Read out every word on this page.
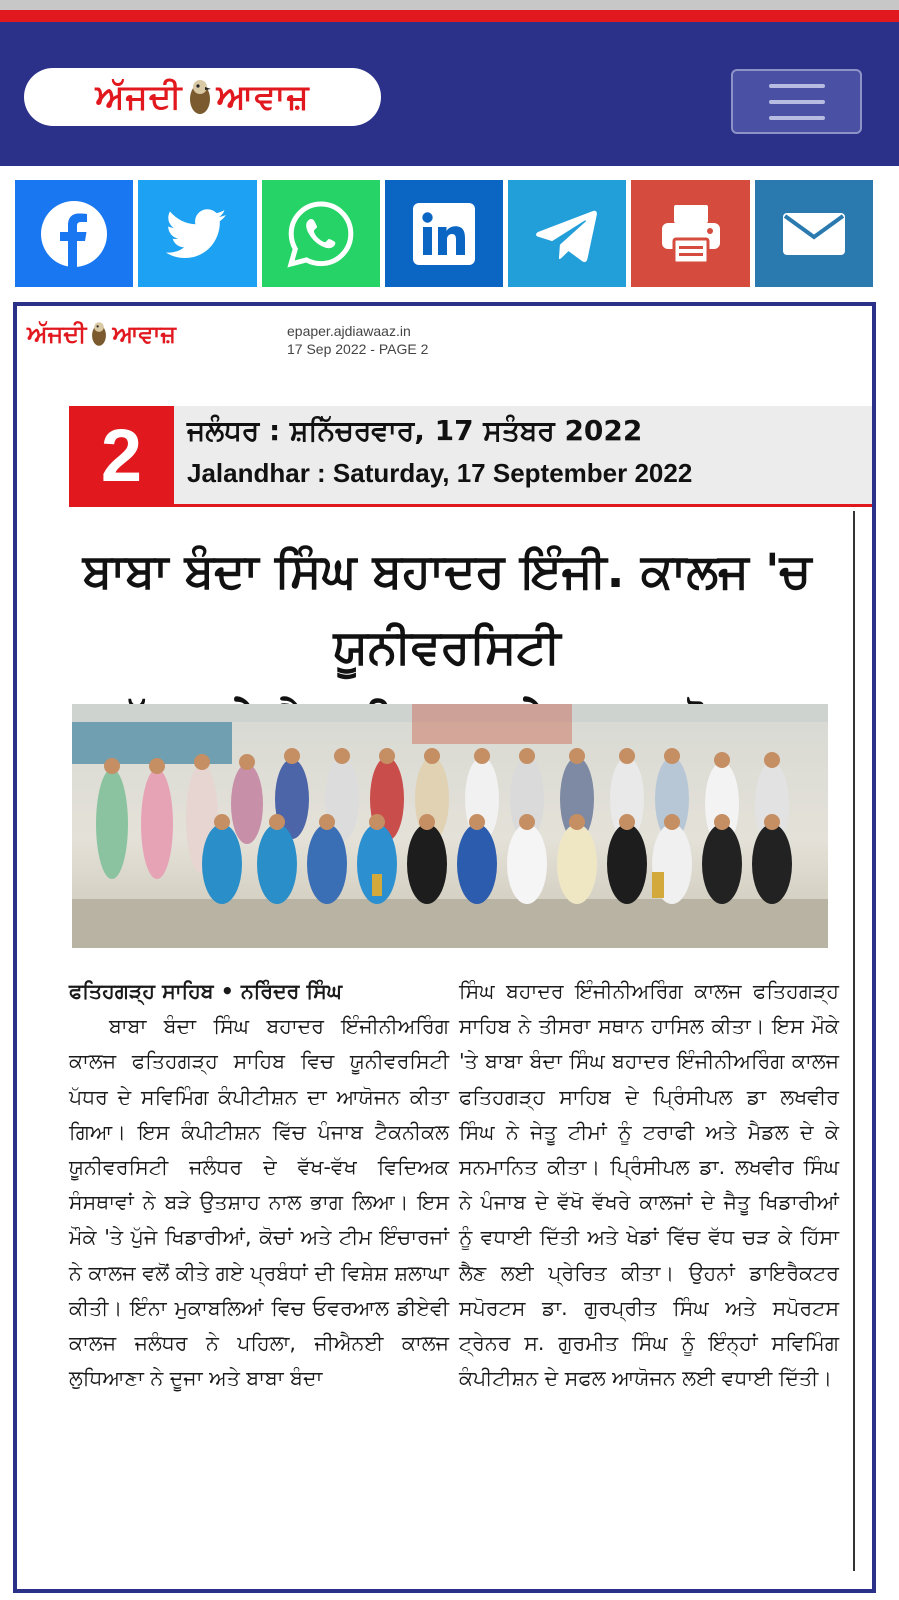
ਅੱਜਦੀ ਆਵਾਜ਼
ਅੱਜਦੀ ਆਵਾਜ਼	epaper.ajdiawaaz.in
17 Sep 2022 - PAGE 2
2	ਜਲੰਧਰ : ਸ਼ਨਿੱਚਰਵਾਰ, 17 ਸਤੰਬਰ 2022
Jalandhar : Saturday, 17 September 2022
ਬਾਬਾ ਬੰਦਾ ਸਿੰਘ ਬਹਾਦਰ ਇੰਜੀ. ਕਾਲਜ 'ਚ ਯੂਨੀਵਰਸਿਟੀ
ਫਤਿਹਗੜ੍ਹ ਸਾਹਿਬ • ਨਰਿੰਦਰ ਸਿੰਘ
ਬਾਬਾ ਬੰਦਾ ਸਿੰਘ ਬਹਾਦਰ ਇੰਜੀਨੀਅਰਿੰਗ ਕਾਲਜ ਫਤਿਹਗੜ੍ਹ ਸਾਹਿਬ ਵਿਚ ਯੂਨੀਵਰਸਿਟੀ ਪੱਧਰ ਦੇ ਸਵਿਮਿੰਗ ਕੰਪੀਟੀਸ਼ਨ ਦਾ ਆਯੋਜਨ ਕੀਤਾ ਗਿਆ। ਇਸ ਕੰਪੀਟੀਸ਼ਨ ਵਿੱਚ ਪੰਜਾਬ ਟੈਕਨੀਕਲ ਯੂਨੀਵਰਸਿਟੀ ਜਲੰਧਰ ਦੇ ਵੱਖ-ਵੱਖ ਵਿਦਿਅਕ ਸੰਸਥਾਵਾਂ ਨੇ ਬੜੇ ਉਤਸ਼ਾਹ ਨਾਲ ਭਾਗ ਲਿਆ। ਇਸ ਮੌਕੇ 'ਤੇ ਪੁੱਜੇ ਖਿਡਾਰੀਆਂ, ਕੋਚਾਂ ਅਤੇ ਟੀਮ ਇੰਚਾਰਜਾਂ ਨੇ ਕਾਲਜ ਵਲੋਂ ਕੀਤੇ ਗਏ ਪ੍ਰਬੰਧਾਂ ਦੀ ਵਿਸ਼ੇਸ਼ ਸ਼ਲਾਘਾ ਕੀਤੀ। ਇੰਨਾ ਮੁਕਾਬਲਿਆਂ ਵਿਚ ਓਵਰਆਲ ਡੀਏਵੀ ਕਾਲਜ ਜਲੰਧਰ ਨੇ ਪਹਿਲਾ, ਜੀਐਨਈ ਕਾਲਜ ਲੁਧਿਆਣਾ ਨੇ ਦੂਜਾ ਅਤੇ ਬਾਬਾ ਬੰਦਾ
ਸਿੰਘ ਬਹਾਦਰ ਇੰਜੀਨੀਅਰਿੰਗ ਕਾਲਜ ਫਤਿਹਗੜ੍ਹ ਸਾਹਿਬ ਨੇ ਤੀਸਰਾ ਸਥਾਨ ਹਾਸਿਲ ਕੀਤਾ। ਇਸ ਮੌਕੇ 'ਤੇ ਬਾਬਾ ਬੰਦਾ ਸਿੰਘ ਬਹਾਦਰ ਇੰਜੀਨੀਅਰਿੰਗ ਕਾਲਜ ਫਤਿਹਗੜ੍ਹ ਸਾਹਿਬ ਦੇ ਪ੍ਰਿੰਸੀਪਲ ਡਾ ਲਖਵੀਰ ਸਿੰਘ ਨੇ ਜੇਤੂ ਟੀਮਾਂ ਨੂੰ ਟਰਾਫੀ ਅਤੇ ਮੈਡਲ ਦੇ ਕੇ ਸਨਮਾਨਿਤ ਕੀਤਾ। ਪ੍ਰਿੰਸੀਪਲ ਡਾ. ਲਖਵੀਰ ਸਿੰਘ ਨੇ ਪੰਜਾਬ ਦੇ ਵੱਖੋ ਵੱਖਰੇ ਕਾਲਜਾਂ ਦੇ ਜੈਤੂ ਖਿਡਾਰੀਆਂ ਨੂੰ ਵਧਾਈ ਦਿੱਤੀ ਅਤੇ ਖੇਡਾਂ ਵਿੱਚ ਵੱਧ ਚੜ ਕੇ ਹਿੱਸਾ ਲੈਣ ਲਈ ਪ੍ਰੇਰਿਤ ਕੀਤਾ। ਉਹਨਾਂ ਡਾਇਰੈਕਟਰ ਸਪੋਰਟਸ ਡਾ. ਗੁਰਪ੍ਰੀਤ ਸਿੰਘ ਅਤੇ ਸਪੋਰਟਸ ਟ੍ਰੇਨਰ ਸ. ਗੁਰਮੀਤ ਸਿੰਘ ਨੂੰ ਇੰਨ੍ਹਾਂ ਸਵਿਮਿੰਗ ਕੰਪੀਟੀਸ਼ਨ ਦੇ ਸਫਲ ਆਯੋਜਨ ਲਈ ਵਧਾਈ ਦਿੱਤੀ।
